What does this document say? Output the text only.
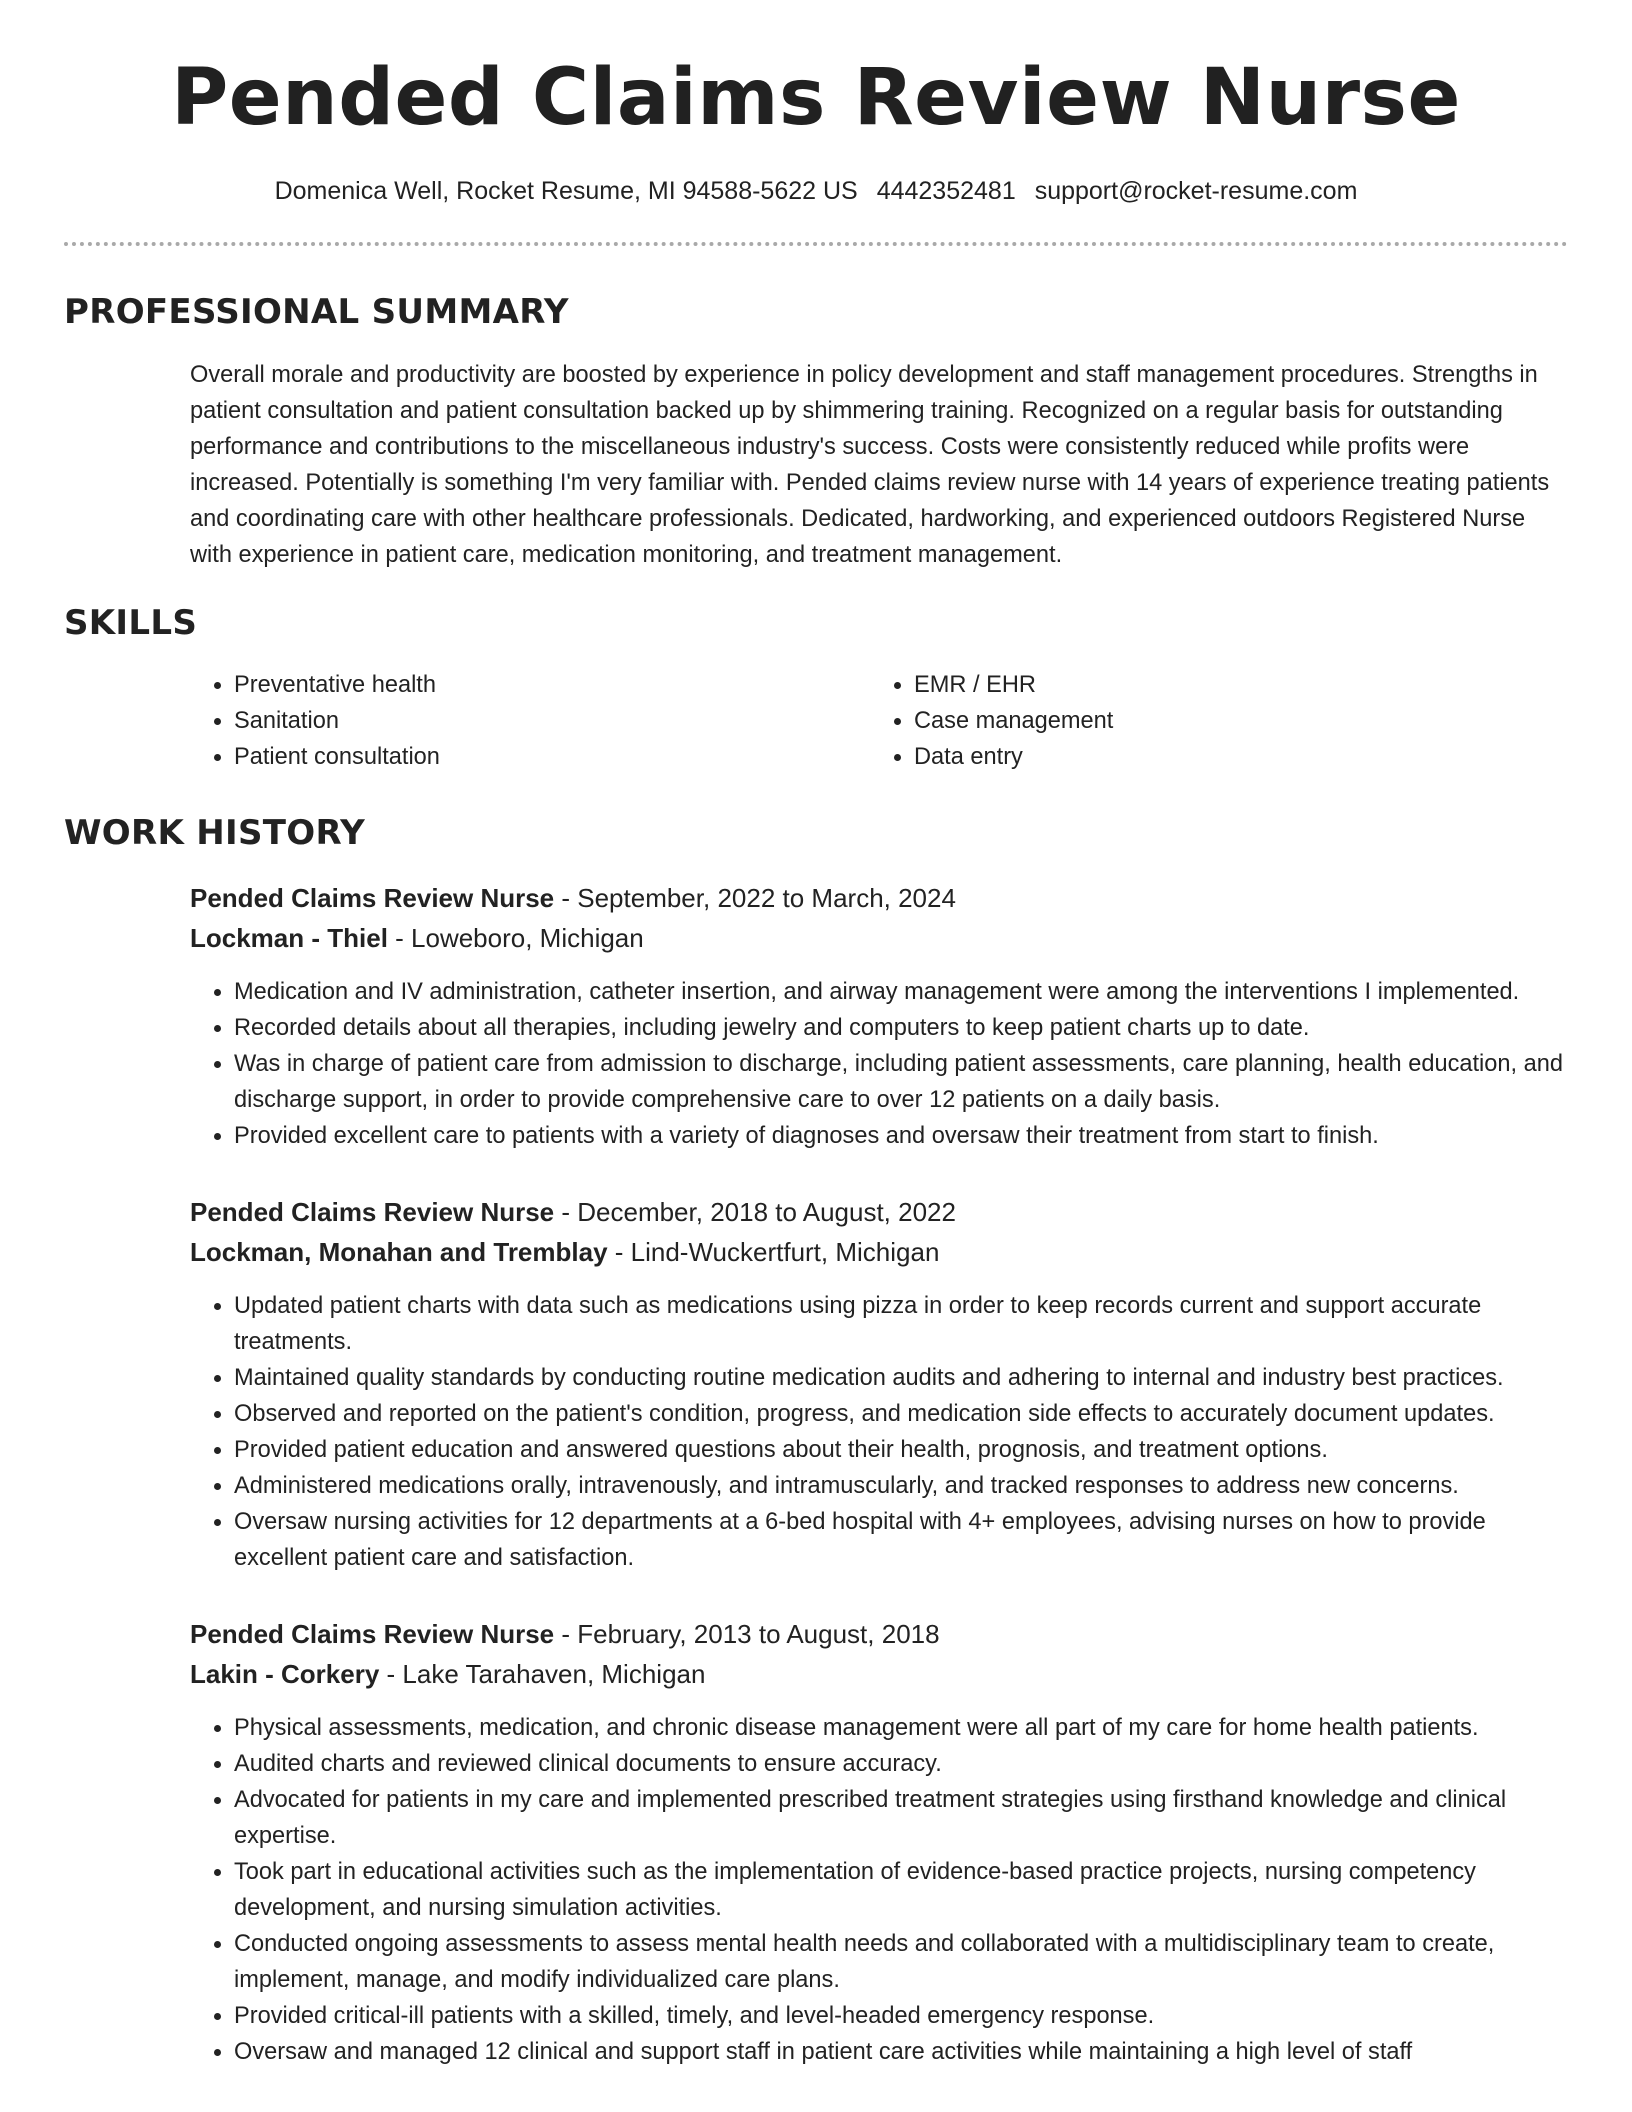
Pended Claims Review Nurse
Domenica Well, Rocket Resume, MI 94588-5622 US 4442352481 support@rocket-resume.com
PROFESSIONAL SUMMARY
Overall morale and productivity are boosted by experience in policy development and staff management procedures. Strengths in patient consultation and patient consultation backed up by shimmering training. Recognized on a regular basis for outstanding performance and contributions to the miscellaneous industry's success. Costs were consistently reduced while profits were increased. Potentially is something I'm very familiar with. Pended claims review nurse with 14 years of experience treating patients and coordinating care with other healthcare professionals. Dedicated, hardworking, and experienced outdoors Registered Nurse with experience in patient care, medication monitoring, and treatment management.
SKILLS
• Preventative health
• Sanitation
• Patient consultation
• EMR / EHR
• Case management
• Data entry
WORK HISTORY
Pended Claims Review Nurse - September, 2022 to March, 2024
Lockman - Thiel - Loweboro, Michigan
• Medication and IV administration, catheter insertion, and airway management were among the interventions I implemented.
• Recorded details about all therapies, including jewelry and computers to keep patient charts up to date.
• Was in charge of patient care from admission to discharge, including patient assessments, care planning, health education, and discharge support, in order to provide comprehensive care to over 12 patients on a daily basis.
• Provided excellent care to patients with a variety of diagnoses and oversaw their treatment from start to finish.
Pended Claims Review Nurse - December, 2018 to August, 2022
Lockman, Monahan and Tremblay - Lind-Wuckertfurt, Michigan
• Updated patient charts with data such as medications using pizza in order to keep records current and support accurate treatments.
• Maintained quality standards by conducting routine medication audits and adhering to internal and industry best practices.
• Observed and reported on the patient's condition, progress, and medication side effects to accurately document updates.
• Provided patient education and answered questions about their health, prognosis, and treatment options.
• Administered medications orally, intravenously, and intramuscularly, and tracked responses to address new concerns.
• Oversaw nursing activities for 12 departments at a 6-bed hospital with 4+ employees, advising nurses on how to provide excellent patient care and satisfaction.
Pended Claims Review Nurse - February, 2013 to August, 2018
Lakin - Corkery - Lake Tarahaven, Michigan
• Physical assessments, medication, and chronic disease management were all part of my care for home health patients.
• Audited charts and reviewed clinical documents to ensure accuracy.
• Advocated for patients in my care and implemented prescribed treatment strategies using firsthand knowledge and clinical expertise.
• Took part in educational activities such as the implementation of evidence-based practice projects, nursing competency development, and nursing simulation activities.
• Conducted ongoing assessments to assess mental health needs and collaborated with a multidisciplinary team to create, implement, manage, and modify individualized care plans.
• Provided critical-ill patients with a skilled, timely, and level-headed emergency response.
• Oversaw and managed 12 clinical and support staff in patient care activities while maintaining a high level of staff
